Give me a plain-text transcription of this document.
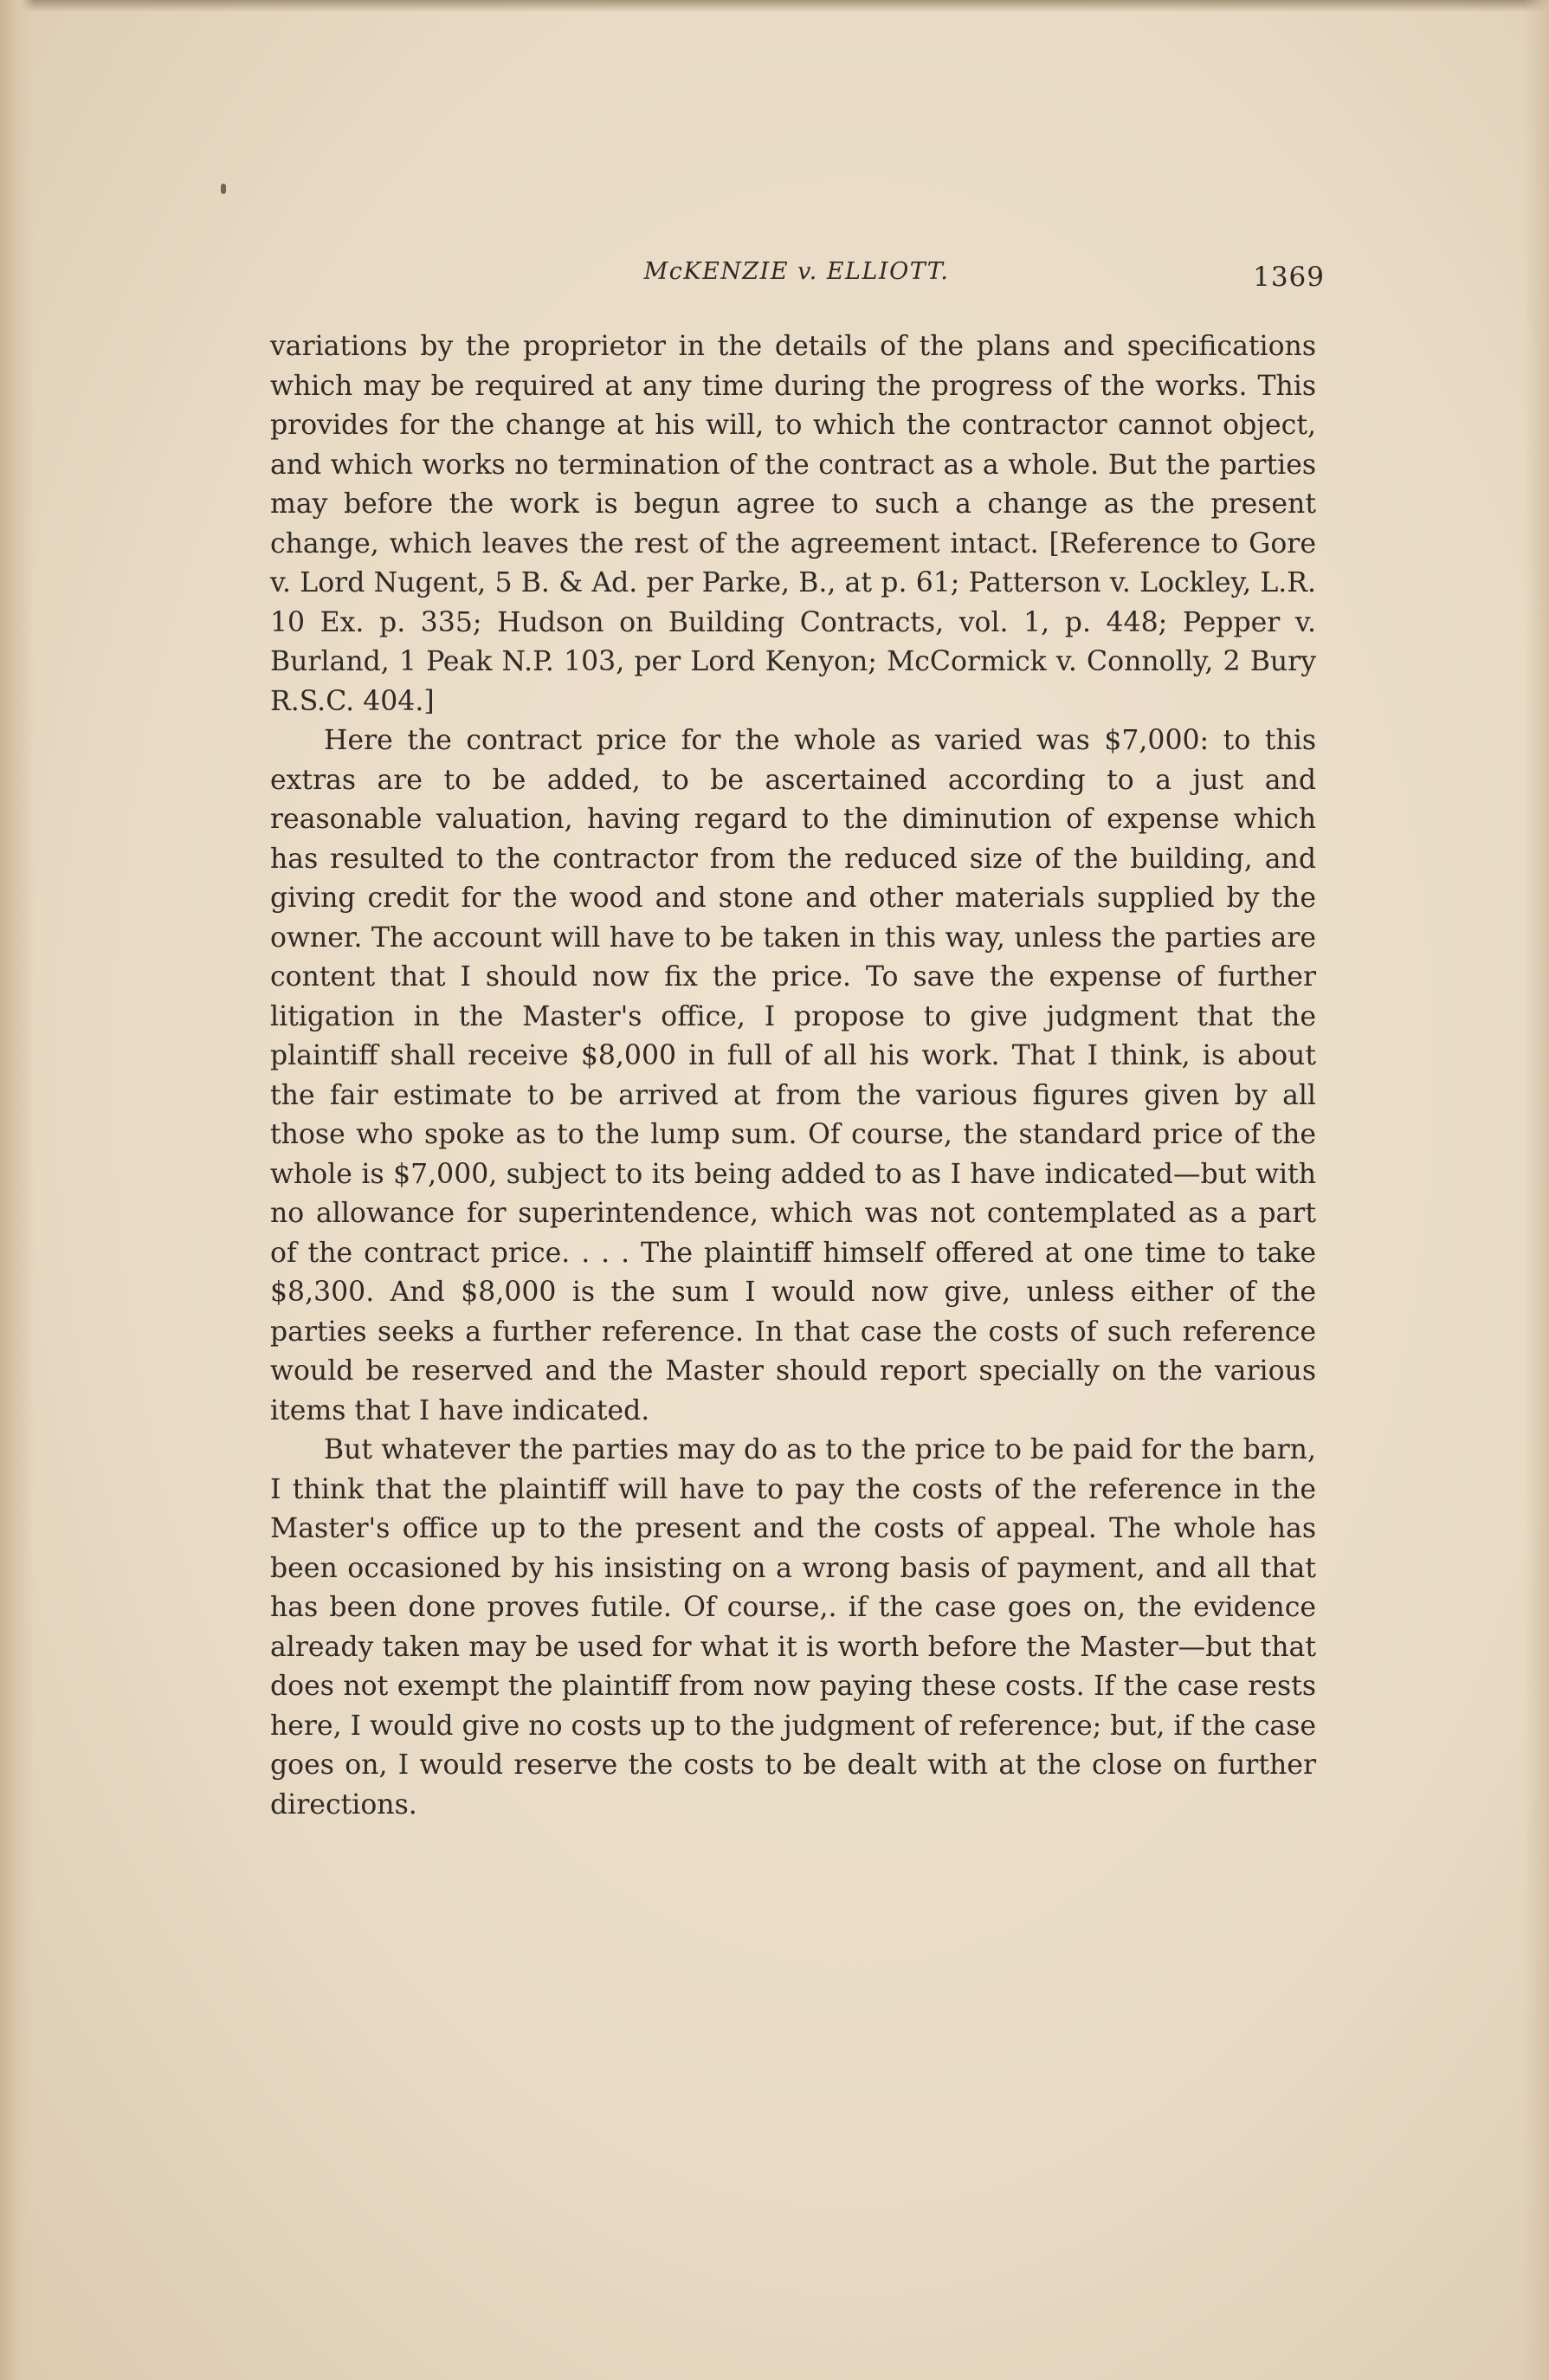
McKENZIE v. ELLIOTT.	1369

variations by the proprietor in the details of the plans and specifications which may be required at any time during the progress of the works. This provides for the change at his will, to which the contractor cannot object, and which works no termination of the contract as a whole. But the parties may before the work is begun agree to such a change as the present change, which leaves the rest of the agreement intact. [Reference to Gore v. Lord Nugent, 5 B. & Ad. per Parke, B., at p. 61; Patterson v. Lockley, L.R. 10 Ex. p. 335; Hudson on Building Contracts, vol. 1, p. 448; Pepper v. Burland, 1 Peak N.P. 103, per Lord Kenyon; McCormick v. Connolly, 2 Bury R.S.C. 404.]

Here the contract price for the whole as varied was $7,000: to this extras are to be added, to be ascertained according to a just and reasonable valuation, having regard to the diminution of expense which has resulted to the contractor from the reduced size of the building, and giving credit for the wood and stone and other materials supplied by the owner. The account will have to be taken in this way, unless the parties are content that I should now fix the price. To save the expense of further litigation in the Master's office, I propose to give judgment that the plaintiff shall receive $8,000 in full of all his work. That I think, is about the fair estimate to be arrived at from the various figures given by all those who spoke as to the lump sum. Of course, the standard price of the whole is $7,000, subject to its being added to as I have indicated—but with no allowance for superintendence, which was not contemplated as a part of the contract price. . . . The plaintiff himself offered at one time to take $8,300. And $8,000 is the sum I would now give, unless either of the parties seeks a further reference. In that case the costs of such reference would be reserved and the Master should report specially on the various items that I have indicated.

But whatever the parties may do as to the price to be paid for the barn, I think that the plaintiff will have to pay the costs of the reference in the Master's office up to the present and the costs of appeal. The whole has been occasioned by his insisting on a wrong basis of payment, and all that has been done proves futile. Of course,. if the case goes on, the evidence already taken may be used for what it is worth before the Master—but that does not exempt the plaintiff from now paying these costs. If the case rests here, I would give no costs up to the judgment of reference; but, if the case goes on, I would reserve the costs to be dealt with at the close on further directions.
